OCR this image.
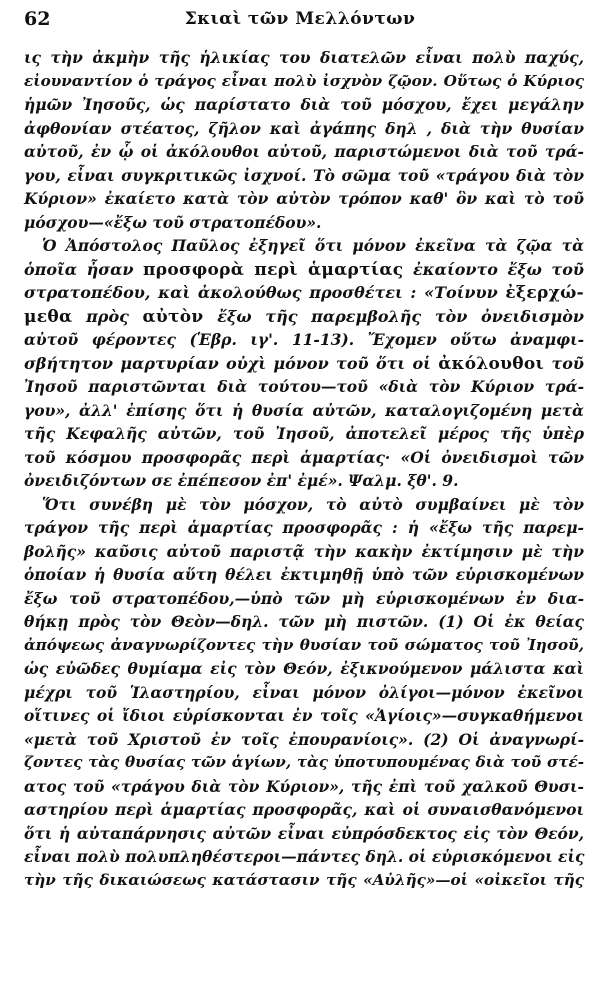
62	Σκιαὶ τῶν Μελλόντων
ις τὴν ἀκμὴν τῆς ἡλικίας του διατελῶν εἶναι πολὺ παχύς,
εἰουναντίον ὁ τράγος εἶναι πολὺ ἰσχνὸν ζῷον. Οὕτως ὁ Κύριος
ἡμῶν Ἰησοῦς, ὡς παρίστατο διὰ τοῦ μόσχου, ἔχει μεγάλην
ἀφθονίαν στέατος, ζῆλον καὶ ἀγάπης δηλ , διὰ τὴν θυσίαν
αὐτοῦ, ἐν ᾧ οἱ ἀκόλουθοι αὐτοῦ, παριστώμενοι διὰ τοῦ τρά-
γου, εἶναι συγκριτικῶς ἰσχνοί. Τὸ σῶμα τοῦ «τράγου διὰ τὸν
Κύριον» ἐκαίετο κατὰ τὸν αὐτὸν τρόπον καθ' ὃν καὶ τὸ τοῦ
μόσχου—«ἔξω τοῦ στρατοπέδου».
Ὁ Ἀπόστολος Παῦλος ἐξηγεῖ ὅτι μόνον ἐκεῖνα τὰ ζῷα τὰ
ὁποῖα ἦσαν προσφορὰ περὶ ἁμαρτίας ἐκαίοντο ἔξω τοῦ
στρατοπέδου, καὶ ἀκολούθως προσθέτει : «Τοίνυν ἐξερχώ-
μεθα πρὸς αὐτὸν ἔξω τῆς παρεμβολῆς τὸν ὀνειδισμὸν
αὐτοῦ φέροντες (Ἑβρ. ιγ'. 11-13). Ἔχομεν οὕτω ἀναμφι-
σβήτητον μαρτυρίαν οὐχὶ μόνον τοῦ ὅτι οἱ ἀκόλουθοι τοῦ
Ἰησοῦ παριστῶνται διὰ τούτου—τοῦ «διὰ τὸν Κύριον τρά-
γου», ἀλλ' ἐπίσης ὅτι ἡ θυσία αὐτῶν, καταλογιζομένη μετὰ
τῆς Κεφαλῆς αὐτῶν, τοῦ Ἰησοῦ, ἀποτελεῖ μέρος τῆς ὑπὲρ
τοῦ κόσμου προσφορᾶς περὶ ἁμαρτίας· «Οἱ ὀνειδισμοὶ τῶν
ὀνειδιζόντων σε ἐπέπεσον ἐπ' ἐμέ». Ψαλμ. ξθ'. 9.
Ὅτι συνέβη μὲ τὸν μόσχον, τὸ αὐτὸ συμβαίνει μὲ τὸν
τράγον τῆς περὶ ἁμαρτίας προσφορᾶς : ἡ «ἔξω τῆς παρεμ-
βολῆς» καῦσις αὐτοῦ παριστᾷ τὴν κακὴν ἐκτίμησιν μὲ τὴν
ὁποίαν ἡ θυσία αὕτη θέλει ἐκτιμηθῇ ὑπὸ τῶν εὑρισκομένων
ἔξω τοῦ στρατοπέδου,—ὑπὸ τῶν μὴ εὑρισκομένων ἐν δια-
θήκῃ πρὸς τὸν Θεὸν—δηλ. τῶν μὴ πιστῶν. (1) Οἱ ἐκ θείας
ἀπόψεως ἀναγνωρίζοντες τὴν θυσίαν τοῦ σώματος τοῦ Ἰησοῦ,
ὡς εὐῶδες θυμίαμα εἰς τὸν Θεόν, ἐξικνούμενον μάλιστα καὶ
μέχρι τοῦ Ἱλαστηρίου, εἶναι μόνον ὀλίγοι—μόνον ἐκεῖνοι
οἵτινες οἱ ἴδιοι εὑρίσκονται ἐν τοῖς «Ἁγίοις»—συγκαθήμενοι
«μετὰ τοῦ Χριστοῦ ἐν τοῖς ἐπουρανίοις». (2) Οἱ ἀναγνωρί-
ζοντες τὰς θυσίας τῶν ἁγίων, τὰς ὑποτυπουμένας διὰ τοῦ στέ-
ατος τοῦ «τράγου διὰ τὸν Κύριον», τῆς ἐπὶ τοῦ χαλκοῦ Θυσι-
αστηρίου περὶ ἁμαρτίας προσφορᾶς, καὶ οἱ συναισθανόμενοι
ὅτι ἡ αὐταπάρνησις αὐτῶν εἶναι εὐπρόσδεκτος εἰς τὸν Θεόν,
εἶναι πολὺ πολυπληθέστεροι—πάντες δηλ. οἱ εὑρισκόμενοι εἰς
τὴν τῆς δικαιώσεως κατάστασιν τῆς «Αὐλῆς»—οἱ «οἰκεῖοι τῆς
